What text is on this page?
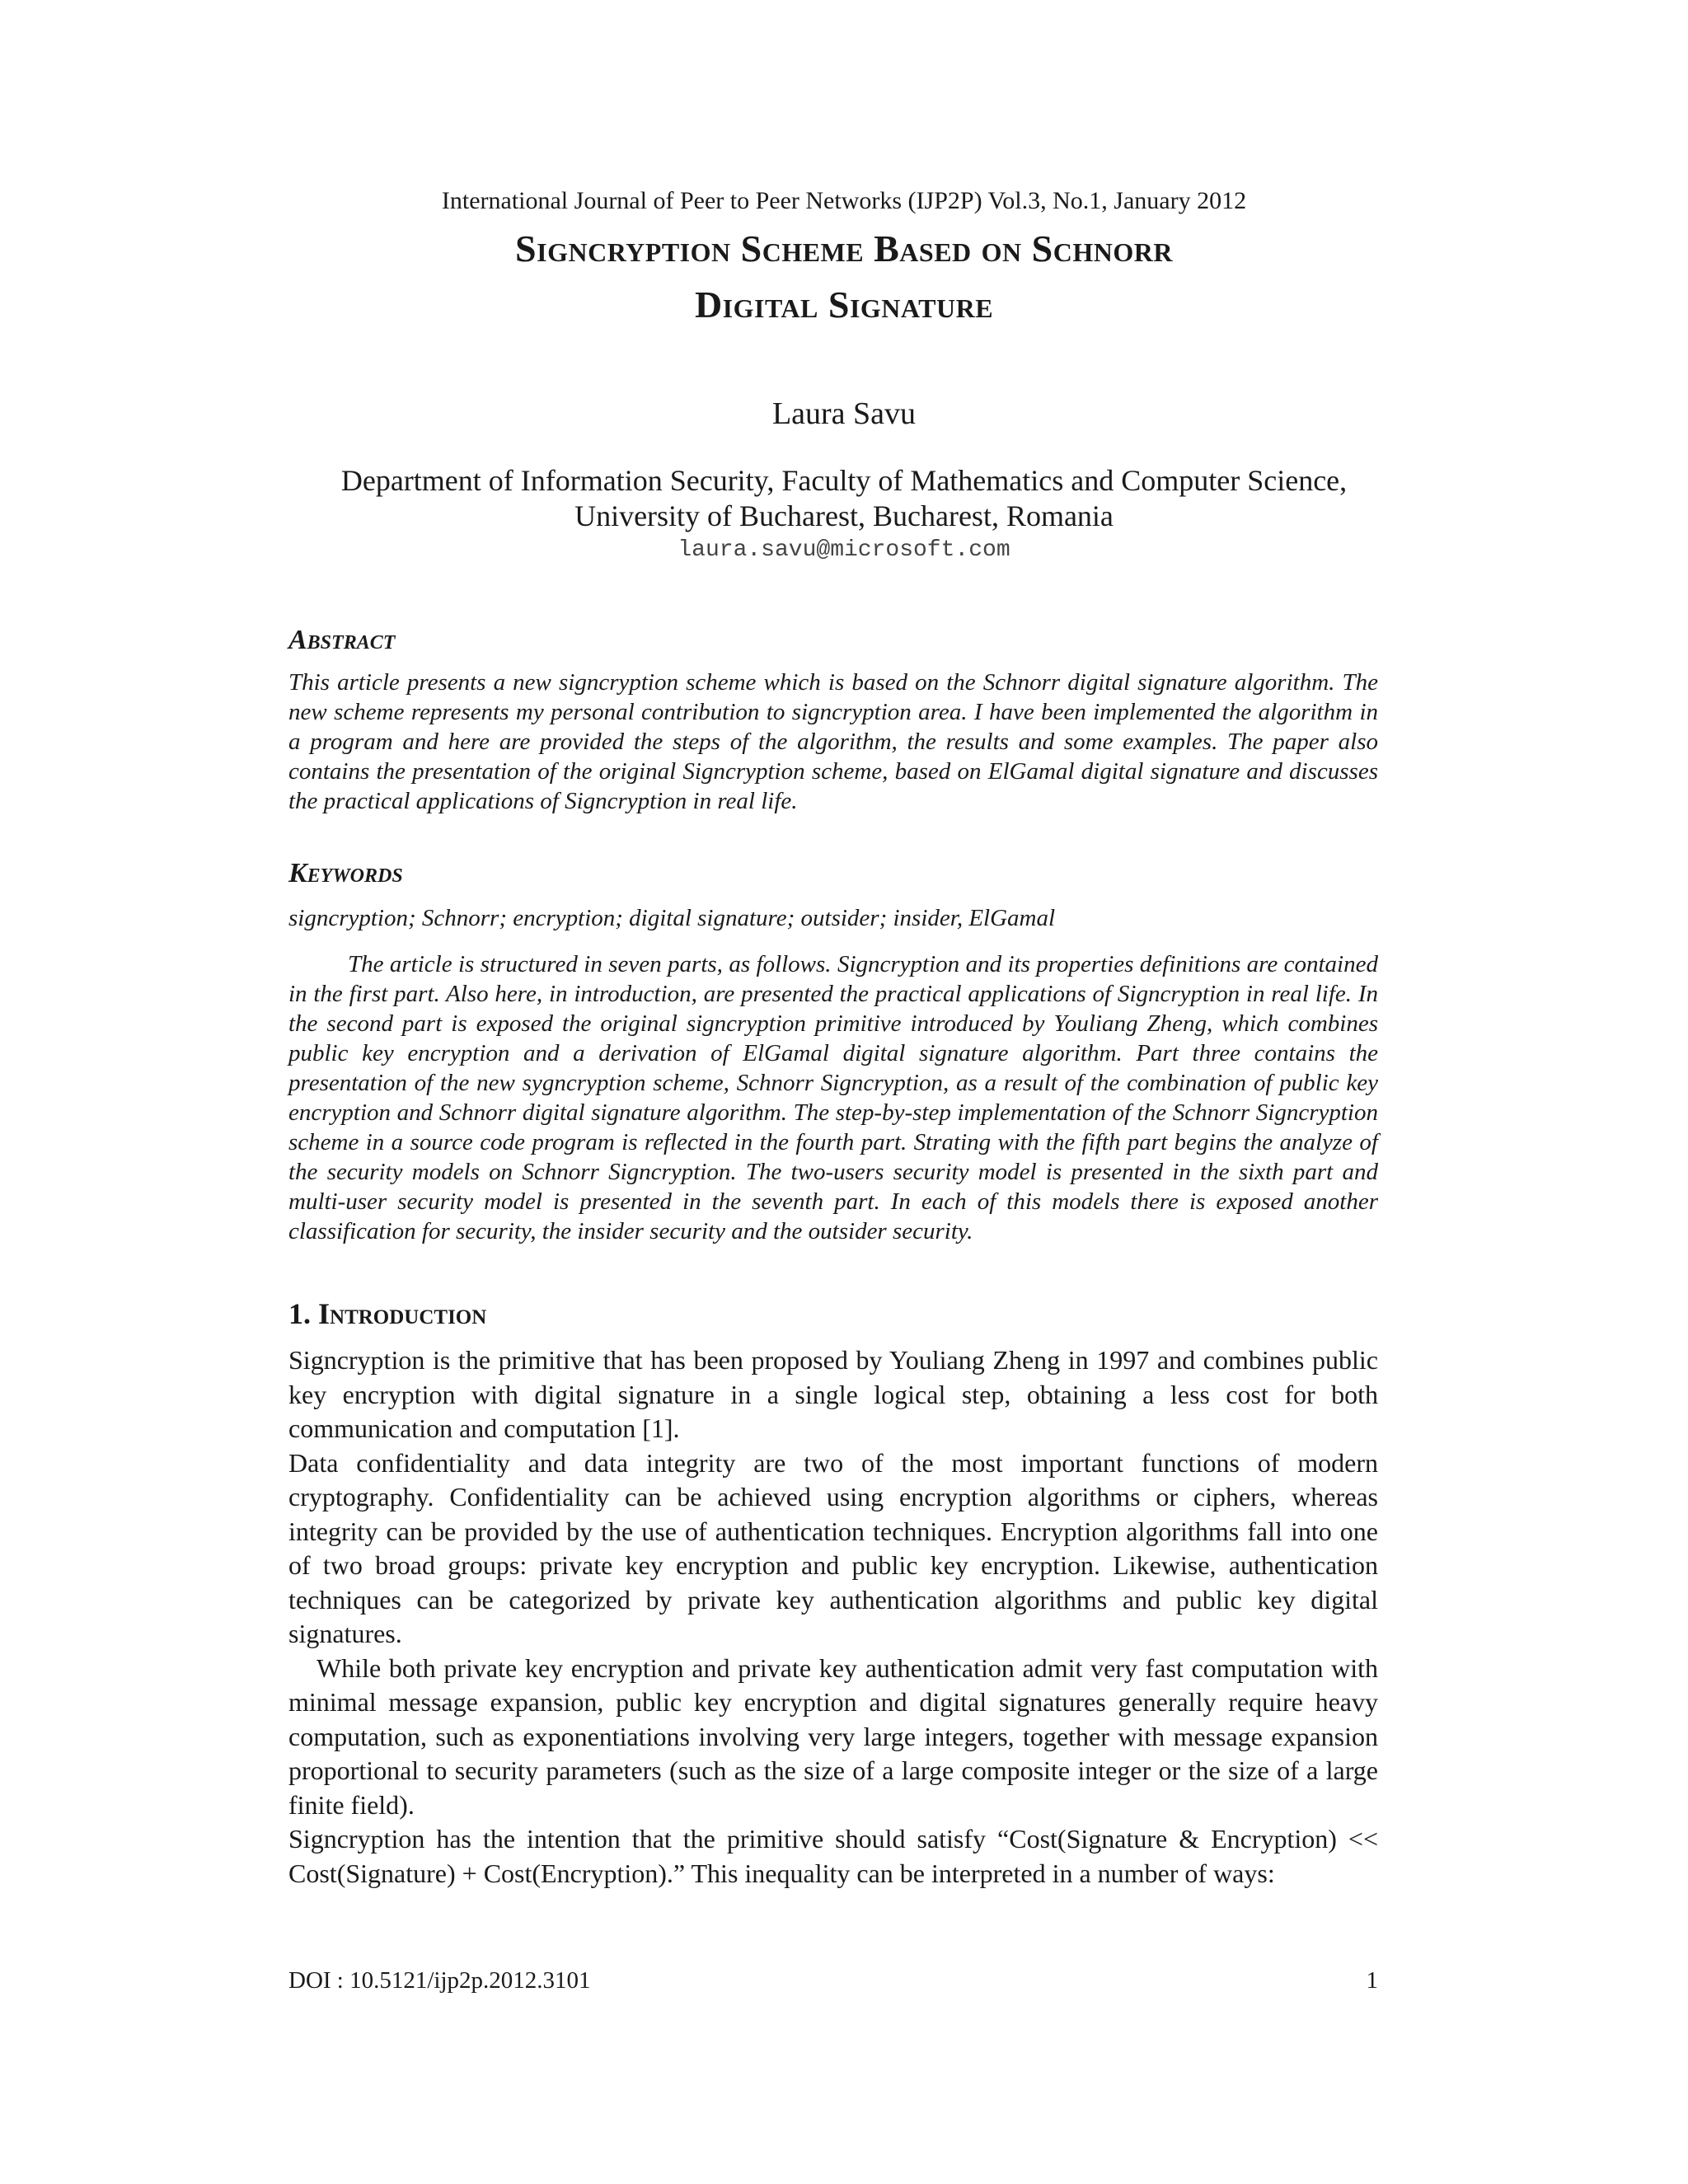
International Journal of Peer to Peer Networks (IJP2P) Vol.3, No.1, January 2012
Signcryption Scheme Based on Schnorr
Digital Signature
Laura Savu
Department of Information Security, Faculty of Mathematics and Computer Science,
University of Bucharest, Bucharest, Romania
laura.savu@microsoft.com
Abstract

This article presents a new signcryption scheme which is based on the Schnorr digital signature algorithm. The new scheme represents my personal contribution to signcryption area. I have been implemented the algorithm in a program and here are provided the steps of the algorithm, the results and some examples. The paper also contains the presentation of the original Signcryption scheme, based on ElGamal digital signature and discusses the practical applications of Signcryption in real life.

Keywords

signcryption; Schnorr; encryption; digital signature; outsider; insider, ElGamal

The article is structured in seven parts, as follows. Signcryption and its properties definitions are contained in the first part. Also here, in introduction, are presented the practical applications of Signcryption in real life. In the second part is exposed the original signcryption primitive introduced by Youliang Zheng, which combines public key encryption and a derivation of ElGamal digital signature algorithm. Part three contains the presentation of the new sygncryption scheme, Schnorr Signcryption, as a result of the combination of public key encryption and Schnorr digital signature algorithm. The step-by-step implementation of the Schnorr Signcryption scheme in a source code program is reflected in the fourth part. Strating with the fifth part begins the analyze of the security models on Schnorr Signcryption. The two-users security model is presented in the sixth part and multi-user security model is presented in the seventh part. In each of this models there is exposed another classification for security, the insider security and the outsider security.

1. Introduction

Signcryption is the primitive that has been proposed by Youliang Zheng in 1997 and combines public key encryption with digital signature in a single logical step, obtaining a less cost for both communication and computation [1].

Data confidentiality and data integrity are two of the most important functions of modern cryptography. Confidentiality can be achieved using encryption algorithms or ciphers, whereas integrity can be provided by the use of authentication techniques. Encryption algorithms fall into one of two broad groups: private key encryption and public key encryption. Likewise, authentication techniques can be categorized by private key authentication algorithms and public key digital signatures.

While both private key encryption and private key authentication admit very fast computation with minimal message expansion, public key encryption and digital signatures generally require heavy computation, such as exponentiations involving very large integers, together with message expansion proportional to security parameters (such as the size of a large composite integer or the size of a large finite field).

Signcryption has the intention that the primitive should satisfy “Cost(Signature & Encryption) << Cost(Signature) + Cost(Encryption).” This inequality can be interpreted in a number of ways:

DOI : 10.5121/ijp2p.2012.3101	1
